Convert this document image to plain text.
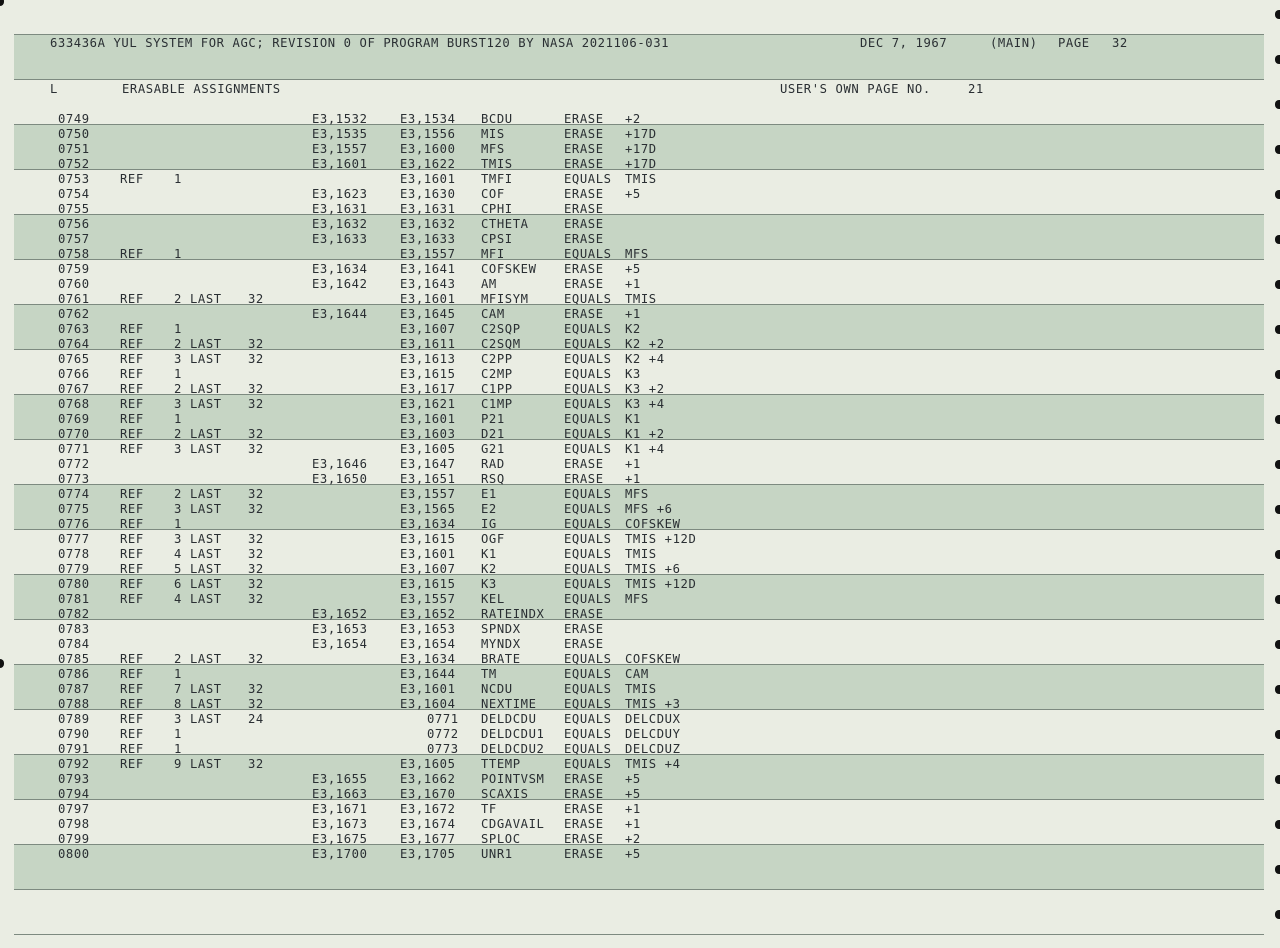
633436A YUL SYSTEM FOR AGC; REVISION 0 OF PROGRAM BURST120 BY NASA 2021106-031	DEC 7, 1967	(MAIN) PAGE 32
L	ERASABLE ASSIGNMENTS	USER'S OWN PAGE NO.	21
0749	E3,1532	E3,1534 BCDU	ERASE +2
0750	E3,1535	E3,1556 MIS	ERASE +17D
0751	E3,1557	E3,1600 MFS	ERASE +17D
0752	E3,1601	E3,1622 TMIS	ERASE +17D
0753 REF 1	E3,1601 TMFI	EQUALS TMIS
0754	E3,1623	E3,1630 COF	ERASE +5
0755	E3,1631	E3,1631 CPHI	ERASE
0756	E3,1632	E3,1632 CTHETA	ERASE
0757	E3,1633	E3,1633 CPSI	ERASE
0758 REF 1	E3,1557 MFI	EQUALS MFS
0759	E3,1634	E3,1641 COFSKEW ERASE +5
0760	E3,1642	E3,1643 AM	ERASE +1
0761 REF 2 LAST 32	E3,1601 MFISYM	EQUALS TMIS
0762	E3,1644	E3,1645 CAM	ERASE +1
0763 REF 1	E3,1607 C2SQP	EQUALS K2
0764 REF 2 LAST 32	E3,1611 C2SQM	EQUALS K2 +2
0765 REF 3 LAST 32	E3,1613 C2PP	EQUALS K2 +4
0766 REF 1	E3,1615 C2MP	EQUALS K3
0767 REF 2 LAST 32	E3,1617 C1PP	EQUALS K3 +2
0768 REF 3 LAST 32	E3,1621 C1MP	EQUALS K3 +4
0769 REF 1	E3,1601 P21	EQUALS K1
0770 REF 2 LAST 32	E3,1603 D21	EQUALS K1 +2
0771 REF 3 LAST 32	E3,1605 G21	EQUALS K1 +4
0772	E3,1646	E3,1647 RAD	ERASE +1
0773	E3,1650	E3,1651 RSQ	ERASE +1
0774 REF 2 LAST 32	E3,1557 E1	EQUALS MFS
0775 REF 3 LAST 32	E3,1565 E2	EQUALS MFS +6
0776 REF 1	E3,1634 IG	EQUALS COFSKEW
0777 REF 3 LAST 32	E3,1615 OGF	EQUALS TMIS +12D
0778 REF 4 LAST 32	E3,1601 K1	EQUALS TMIS
0779 REF 5 LAST 32	E3,1607 K2	EQUALS TMIS +6
0780 REF 6 LAST 32	E3,1615 K3	EQUALS TMIS +12D
0781 REF 4 LAST 32	E3,1557 KEL	EQUALS MFS
0782	E3,1652	E3,1652 RATEINDX ERASE
0783	E3,1653	E3,1653 SPNDX	ERASE
0784	E3,1654	E3,1654 MYNDX	ERASE
0785 REF 2 LAST 32	E3,1634 BRATE	EQUALS COFSKEW
0786 REF 1	E3,1644 TM	EQUALS CAM
0787 REF 7 LAST 32	E3,1601 NCDU	EQUALS TMIS
0788 REF 8 LAST 32	E3,1604 NEXTIME EQUALS TMIS +3
0789 REF 3 LAST 24	0771 DELDCDU EQUALS DELCDUX
0790 REF 1	0772 DELDCDU1 EQUALS DELCDUY
0791 REF 1	0773 DELDCDU2 EQUALS DELCDUZ
0792 REF 9 LAST 32	E3,1605 TTEMP	EQUALS TMIS +4
0793	E3,1655	E3,1662 POINTVSM ERASE +5
0794	E3,1663	E3,1670 SCAXIS	ERASE +5
0797	E3,1671	E3,1672 TF	ERASE +1
0798	E3,1673	E3,1674 CDGAVAIL ERASE +1
0799	E3,1675	E3,1677 SPLOC	ERASE +2
0800	E3,1700	E3,1705 UNR1	ERASE +5
